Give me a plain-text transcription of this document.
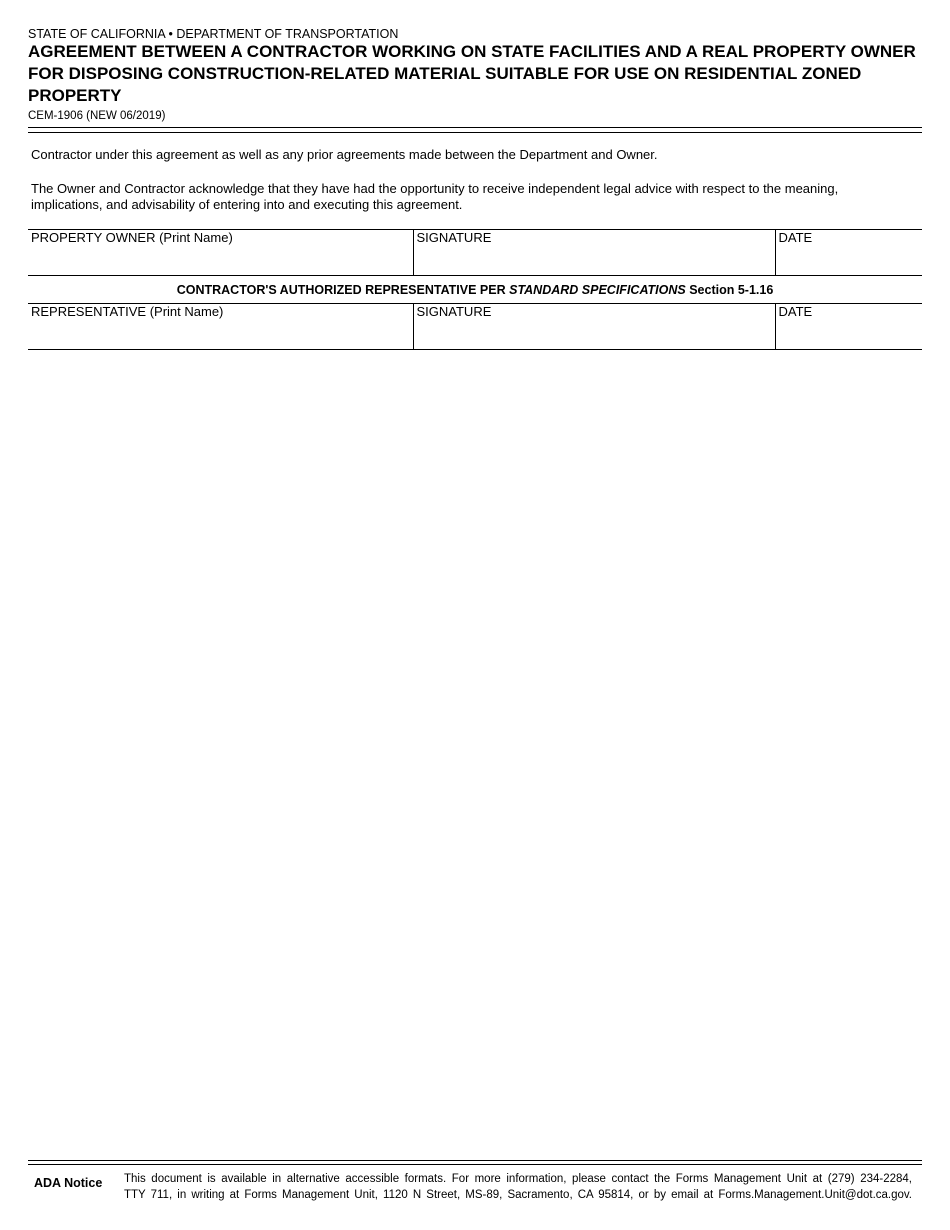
STATE OF CALIFORNIA • DEPARTMENT OF TRANSPORTATION
AGREEMENT BETWEEN A CONTRACTOR WORKING ON STATE FACILITIES AND A REAL PROPERTY OWNER FOR DISPOSING CONSTRUCTION-RELATED MATERIAL SUITABLE FOR USE ON RESIDENTIAL ZONED PROPERTY
CEM-1906 (NEW 06/2019)

Contractor under this agreement as well as any prior agreements made between the Department and Owner.

The Owner and Contractor acknowledge that they have had the opportunity to receive independent legal advice with respect to the meaning, implications, and advisability of entering into and executing this agreement.

PROPERTY OWNER (Print Name)	SIGNATURE	DATE

CONTRACTOR'S AUTHORIZED REPRESENTATIVE PER STANDARD SPECIFICATIONS Section 5-1.16		

REPRESENTATIVE (Print Name)	SIGNATURE	DATE
ADA Notice This document is available in alternative accessible formats. For more information, please contact the Forms Management Unit at (279) 234-2284,
TTY 711, in writing at Forms Management Unit, 1120 N Street, MS-89, Sacramento, CA 95814, or by email at Forms.Management.Unit@dot.ca.gov.
